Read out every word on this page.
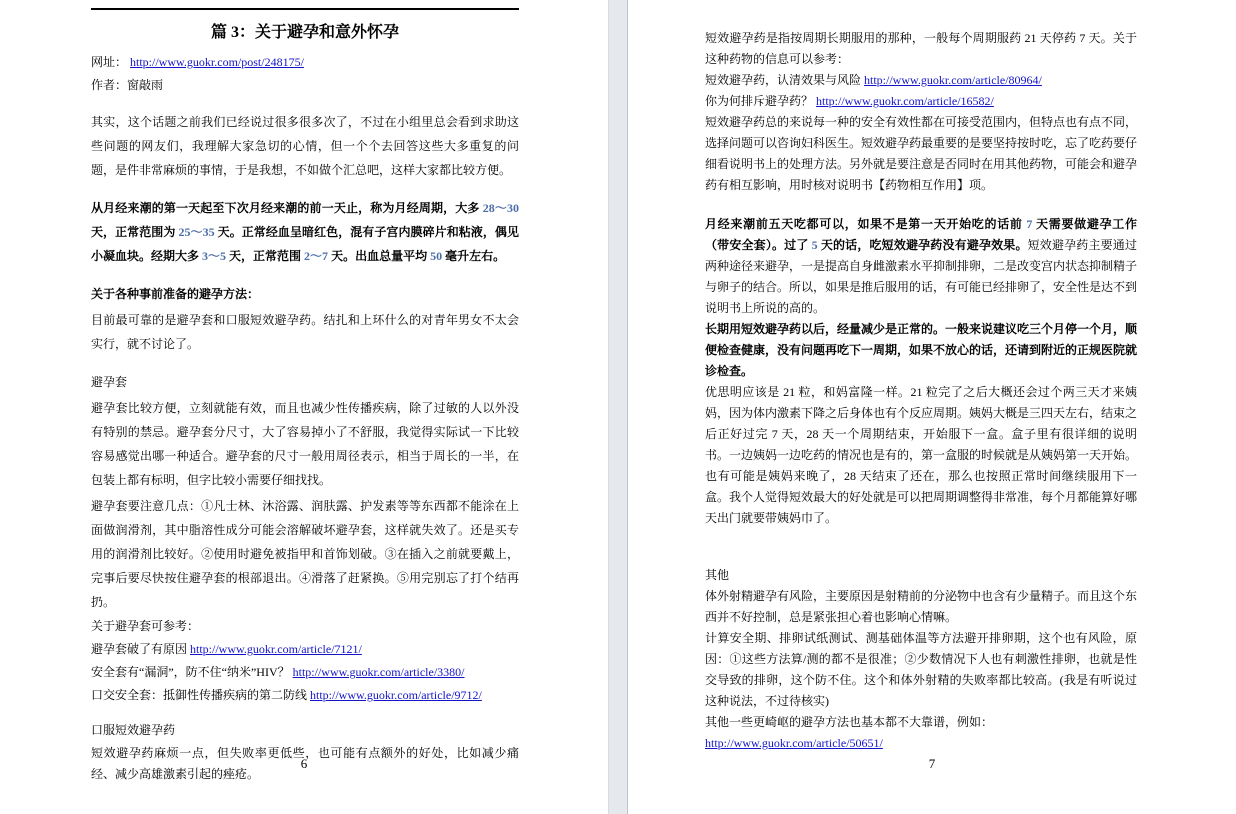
篇 3：关于避孕和意外怀孕
网址： http://www.guokr.com/post/248175/
作者：窗敲雨
其实，这个话题之前我们已经说过很多很多次了，不过在小组里总会看到求助这些问题的网友们，我理解大家急切的心情，但一个个去回答这些大多重复的问题，是件非常麻烦的事情，于是我想，不如做个汇总吧，这样大家都比较方便。
从月经来潮的第一天起至下次月经来潮的前一天止，称为月经周期，大多 28～30 天，正常范围为 25～35 天。正常经血呈暗红色，混有子宫内膜碎片和粘液，偶见小凝血块。经期大多 3～5 天，正常范围 2～7 天。出血总量平均 50 毫升左右。
关于各种事前准备的避孕方法：
目前最可靠的是避孕套和口服短效避孕药。结扎和上环什么的对青年男女不太会实行，就不讨论了。
避孕套
避孕套比较方便，立刻就能有效，而且也减少性传播疾病，除了过敏的人以外没有特别的禁忌。避孕套分尺寸，大了容易掉小了不舒服，我觉得实际试一下比较容易感觉出哪一种适合。避孕套的尺寸一般用周径表示，相当于周长的一半，在包装上都有标明，但字比较小需要仔细找找。
避孕套要注意几点：①凡士林、沐浴露、润肤露、护发素等等东西都不能涂在上面做润滑剂，其中脂溶性成分可能会溶解破坏避孕套，这样就失效了。还是买专用的润滑剂比较好。②使用时避免被指甲和首饰划破。③在插入之前就要戴上，完事后要尽快按住避孕套的根部退出。④滑落了赶紧换。⑤用完别忘了打个结再扔。
关于避孕套可参考：
避孕套破了有原因 http://www.guokr.com/article/7121/
安全套有“漏洞”，防不住“纳米”HIV？ http://www.guokr.com/article/3380/
口交安全套：抵御性传播疾病的第二防线 http://www.guokr.com/article/9712/
口服短效避孕药
短效避孕药麻烦一点，但失败率更低些，也可能有点额外的好处，比如减少痛经、减少高雄激素引起的痤疮。
6
短效避孕药是指按周期长期服用的那种，一般每个周期服药 21 天停药 7 天。关于这种药物的信息可以参考：
短效避孕药，认清效果与风险 http://www.guokr.com/article/80964/
你为何排斥避孕药？ http://www.guokr.com/article/16582/
短效避孕药总的来说每一种的安全有效性都在可接受范围内，但特点也有点不同，选择问题可以咨询妇科医生。短效避孕药最重要的是要坚持按时吃，忘了吃药要仔细看说明书上的处理方法。另外就是要注意是否同时在用其他药物，可能会和避孕药有相互影响，用时核对说明书【药物相互作用】项。
月经来潮前五天吃都可以，如果不是第一天开始吃的话前 7 天需要做避孕工作（带安全套）。过了 5 天的话，吃短效避孕药没有避孕效果。短效避孕药主要通过两种途径来避孕，一是提高自身雌激素水平抑制排卵，二是改变宫内状态抑制精子与卵子的结合。所以，如果是推后服用的话，有可能已经排卵了，安全性是达不到说明书上所说的高的。
长期用短效避孕药以后，经量减少是正常的。一般来说建议吃三个月停一个月，顺便检查健康，没有问题再吃下一周期，如果不放心的话，还请到附近的正规医院就诊检查。
优思明应该是 21 粒，和妈富隆一样。21 粒完了之后大概还会过个两三天才来姨妈，因为体内激素下降之后身体也有个反应周期。姨妈大概是三四天左右，结束之后正好过完 7 天，28 天一个周期结束，开始服下一盒。盒子里有很详细的说明书。一边姨妈一边吃药的情况也是有的，第一盒服的时候就是从姨妈第一天开始。也有可能是姨妈来晚了，28 天结束了还在，那么也按照正常时间继续服用下一盒。我个人觉得短效最大的好处就是可以把周期调整得非常准，每个月都能算好哪天出门就要带姨妈巾了。
其他
体外射精避孕有风险，主要原因是射精前的分泌物中也含有少量精子。而且这个东西并不好控制，总是紧张担心着也影响心情嘛。
计算安全期、排卵试纸测试、测基础体温等方法避开排卵期，这个也有风险，原因：①这些方法算/测的都不是很准；②少数情况下人也有刺激性排卵，也就是性交导致的排卵，这个防不住。这个和体外射精的失败率都比较高。(我是有听说过这种说法，不过待核实)
其他一些更崎岖的避孕方法也基本都不大靠谱，例如：
http://www.guokr.com/article/50651/
7
